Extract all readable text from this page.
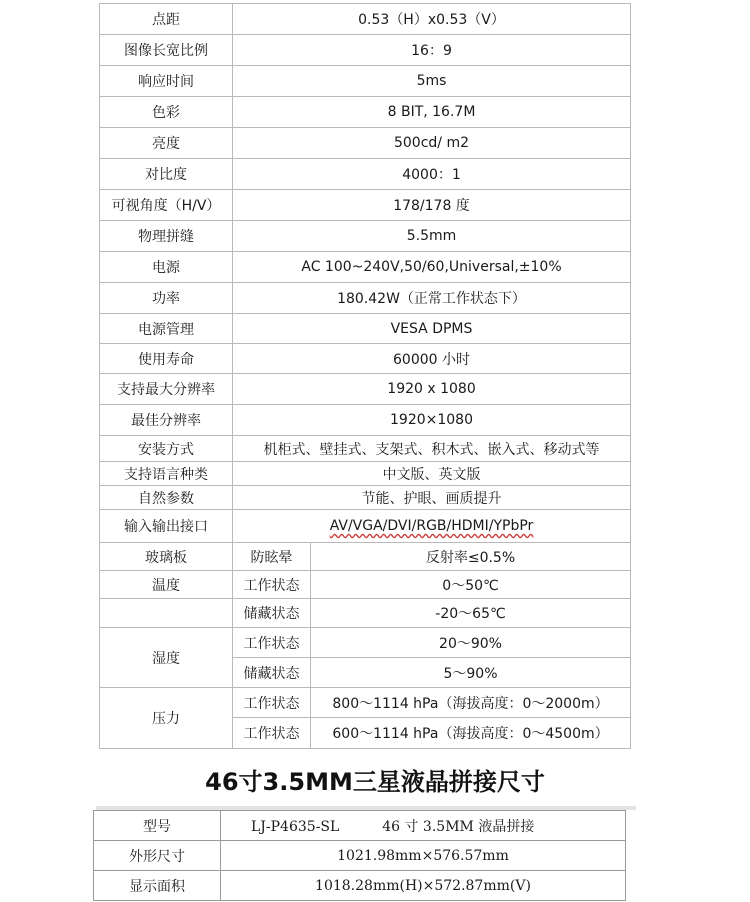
点距	0.53（H）x0.53（V）	
图像长宽比例	16：9	
响应时间	5ms	
色彩	8 BIT, 16.7M	
亮度	500cd/ m2	
对比度	4000：1	
可视角度（H/V）	178/178 度	
物理拼缝	5.5mm	
电源	AC 100~240V,50/60,Universal,±10%	
功率	180.42W（正常工作状态下）	
电源管理	VESA DPMS	
使用寿命	60000 小时	
支持最大分辨率	1920 x 1080	
最佳分辨率	1920×1080	
安装方式	机柜式、壁挂式、支架式、积木式、嵌入式、移动式等	
支持语言种类	中文版、英文版	
自然参数	节能、护眼、画质提升	
输入输出接口	AV/VGA/DVI/RGB/HDMI/YPbPr	
玻璃板	防眩晕	反射率≤0.5%
温度	工作状态	0～50℃
	储藏状态	-20～65℃
湿度	工作状态	20～90%
	储藏状态	5～90%
压力	工作状态	800～1114 hPa（海拔高度：0～2000m）
	工作状态	600～1114 hPa（海拔高度：0～4500m）
46寸3.5MM三星液晶拼接尺寸
型号	LJ-P4635-SL 46 寸 3.5MM 液晶拼接
外形尺寸	1021.98mm×576.57mm
显示面积	1018.28mm(H)×572.87mm(V)
